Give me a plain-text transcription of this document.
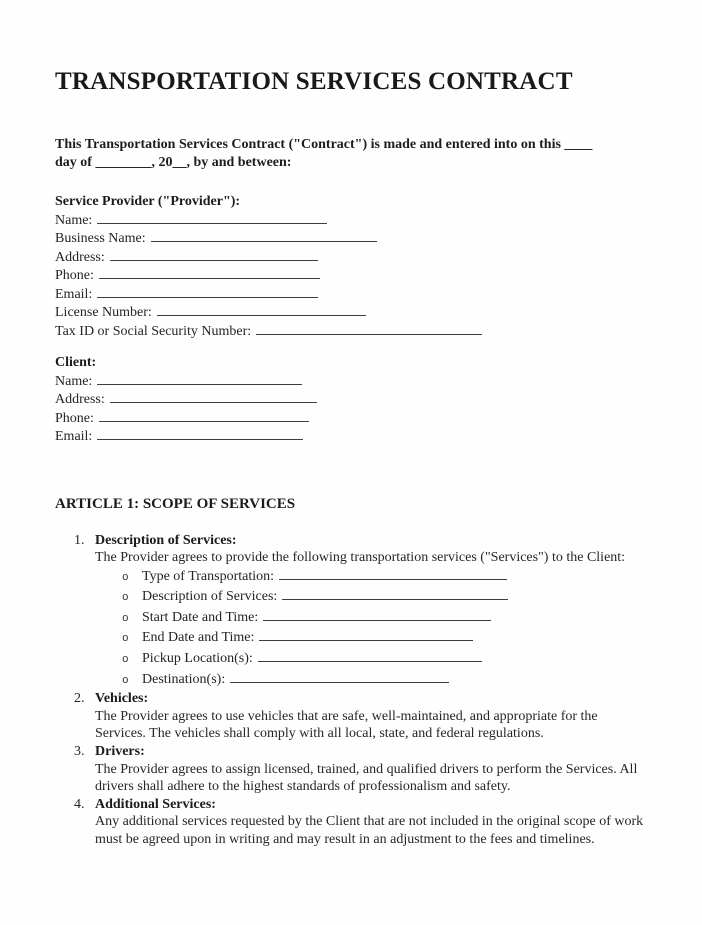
TRANSPORTATION SERVICES CONTRACT

This Transportation Services Contract ("Contract") is made and entered into on this ____
day of ________, 20__, by and between:

Service Provider ("Provider"):
Name:
Business Name:
Address:
Phone:
Email:
License Number:
Tax ID or Social Security Number:
Client:
Name:
Address:
Phone:
Email:
ARTICLE 1: SCOPE OF SERVICES
1. Description of Services:
The Provider agrees to provide the following transportation services ("Services") to the Client:
o Type of Transportation:
o Description of Services:
o Start Date and Time:
o End Date and Time:
o Pickup Location(s):
o Destination(s):
2. Vehicles:
The Provider agrees to use vehicles that are safe, well-maintained, and appropriate for the Services. The vehicles shall comply with all local, state, and federal regulations.
3. Drivers:
The Provider agrees to assign licensed, trained, and qualified drivers to perform the Services. All drivers shall adhere to the highest standards of professionalism and safety.
4. Additional Services:
Any additional services requested by the Client that are not included in the original scope of work must be agreed upon in writing and may result in an adjustment to the fees and timelines.
